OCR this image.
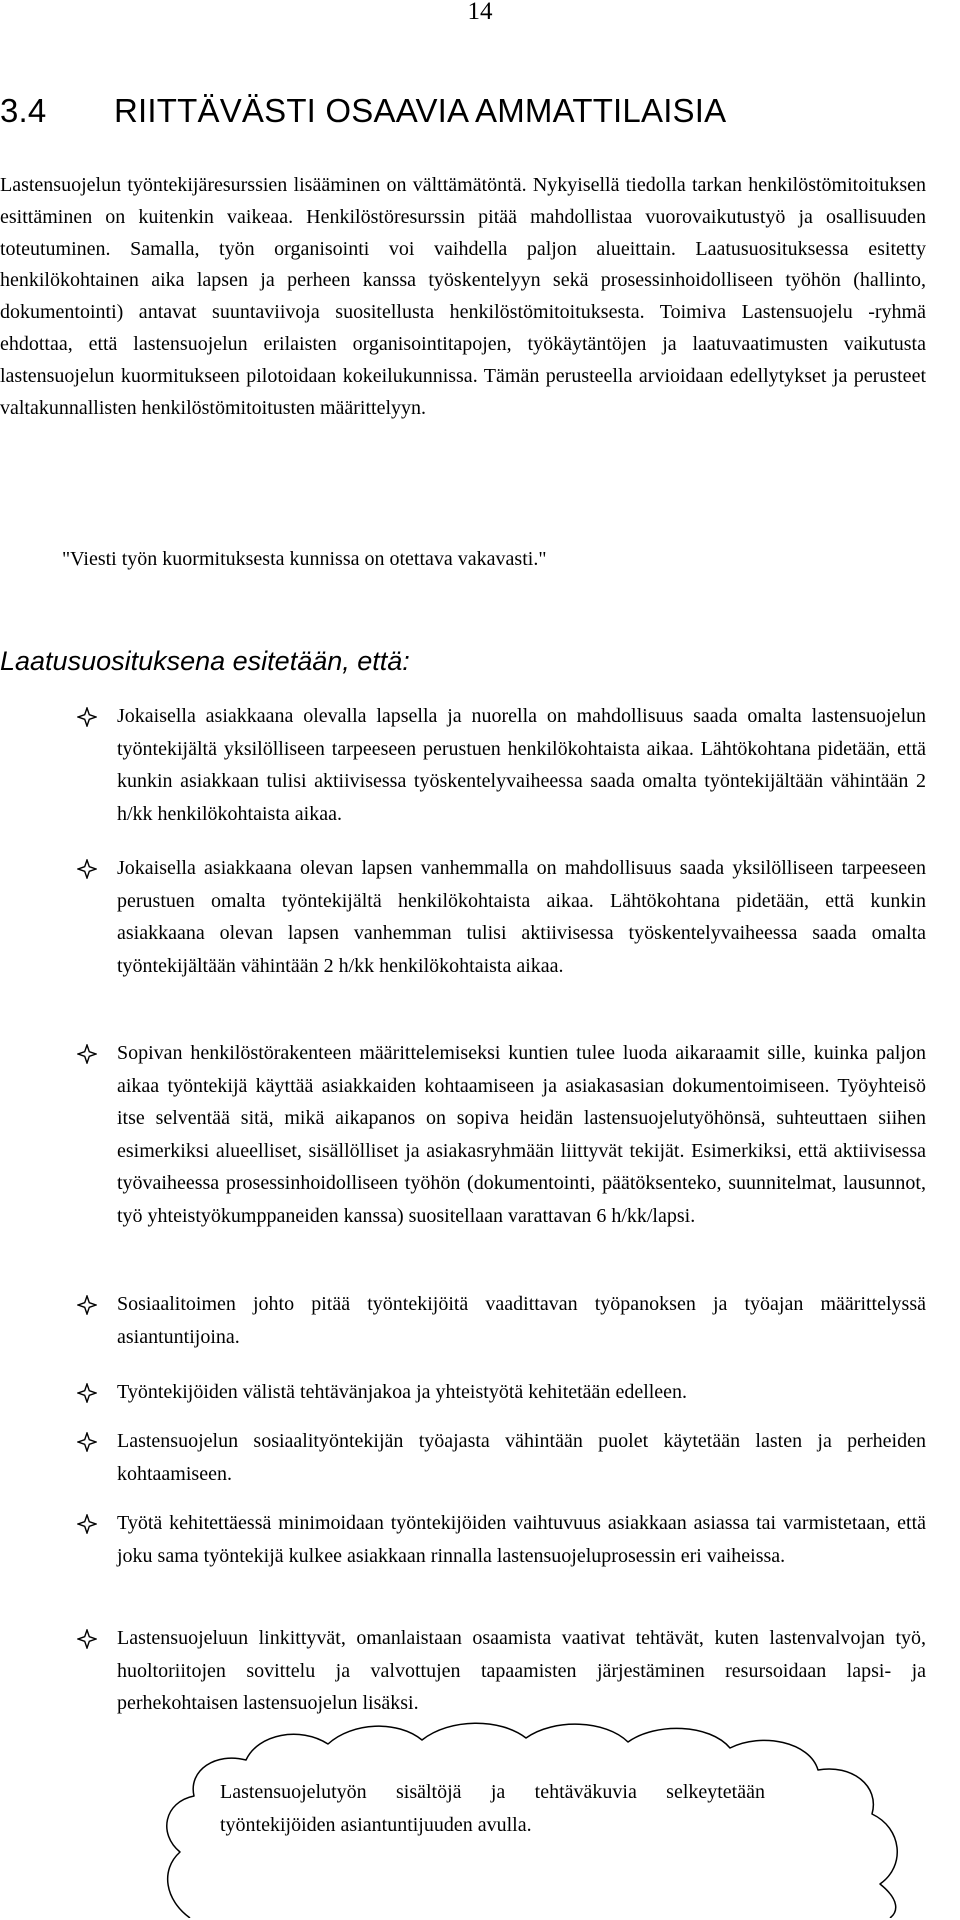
14
3.4 RIITTÄVÄSTI OSAAVIA AMMATTILAISIA

Lastensuojelun työntekijäresurssien lisääminen on välttämätöntä. Nykyisellä tiedolla tarkan henkilöstömitoituksen esittäminen on kuitenkin vaikeaa. Henkilöstöresurssin pitää mahdollistaa vuorovaikutustyö ja osallisuuden toteutuminen. Samalla, työn organisointi voi vaihdella paljon alueittain. Laatusuosituksessa esitetty henkilökohtainen aika lapsen ja perheen kanssa työskentelyyn sekä prosessinhoidolliseen työhön (hallinto, dokumentointi) antavat suuntaviivoja suositellusta henkilöstömitoituksesta. Toimiva Lastensuojelu -ryhmä ehdottaa, että lastensuojelun erilaisten organisointitapojen, työkäytäntöjen ja laatuvaatimusten vaikutusta lastensuojelun kuormitukseen pilotoidaan kokeilukunnissa. Tämän perusteella arvioidaan edellytykset ja perusteet valtakunnallisten henkilöstömitoitusten määrittelyyn.

"Viesti työn kuormituksesta kunnissa on otettava vakavasti."

Laatusuosituksena esitetään, että:
Jokaisella asiakkaana olevalla lapsella ja nuorella on mahdollisuus saada omalta lastensuojelun työntekijältä yksilölliseen tarpeeseen perustuen henkilökohtaista aikaa. Lähtökohtana pidetään, että kunkin asiakkaan tulisi aktiivisessa työskentelyvaiheessa saada omalta työntekijältään vähintään 2 h/kk henkilökohtaista aikaa.
Jokaisella asiakkaana olevan lapsen vanhemmalla on mahdollisuus saada yksilölliseen tarpeeseen perustuen omalta työntekijältä henkilökohtaista aikaa. Lähtökohtana pidetään, että kunkin asiakkaana olevan lapsen vanhemman tulisi aktiivisessa työskentelyvaiheessa saada omalta työntekijältään vähintään 2 h/kk henkilökohtaista aikaa.
Sopivan henkilöstörakenteen määrittelemiseksi kuntien tulee luoda aikaraamit sille, kuinka paljon aikaa työntekijä käyttää asiakkaiden kohtaamiseen ja asiakasasian dokumentoimiseen. Työyhteisö itse selventää sitä, mikä aikapanos on sopiva heidän lastensuojelutyöhönsä, suhteuttaen siihen esimerkiksi alueelliset, sisällölliset ja asiakasryhmään liittyvät tekijät. Esimerkiksi, että aktiivisessa työvaiheessa prosessinhoidolliseen työhön (dokumentointi, päätöksenteko, suunnitelmat, lausunnot, työ yhteistyökumppaneiden kanssa) suositellaan varattavan 6 h/kk/lapsi.
Sosiaalitoimen johto pitää työntekijöitä vaadittavan työpanoksen ja työajan määrittelyssä asiantuntijoina.
Työntekijöiden välistä tehtävänjakoa ja yhteistyötä kehitetään edelleen.
Lastensuojelun sosiaalityöntekijän työajasta vähintään puolet käytetään lasten ja perheiden kohtaamiseen.
Työtä kehitettäessä minimoidaan työntekijöiden vaihtuvuus asiakkaan asiassa tai varmistetaan, että joku sama työntekijä kulkee asiakkaan rinnalla lastensuojeluprosessin eri vaiheissa.
Lastensuojeluun linkittyvät, omanlaistaan osaamista vaativat tehtävät, kuten lastenvalvojan työ, huoltoriitojen sovittelu ja valvottujen tapaamisten järjestäminen resursoidaan lapsi- ja perhekohtaisen lastensuojelun lisäksi.

Lastensuojelutyön sisältöjä ja tehtäväkuvia selkeytetään työntekijöiden asiantuntijuuden avulla.
